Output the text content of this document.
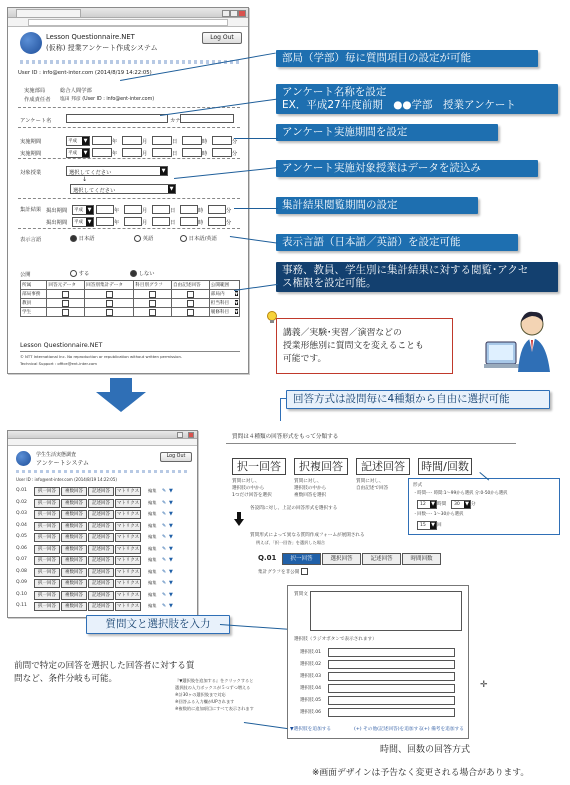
Lesson Questionnaire.NET
(仮称) 授業アンケート作成システム
Log Out
User ID : info@ent-inter.com (2014/8/19 14:22:05)
実施部局	総合人間学部
作成責任者 塩田 邦彦 (User ID : info@ent-inter.com)
アンケート名	カナ
対象授業	選択してください	▼
↓
選択してください	▼
集計結果
表示言語	日本語	英語	日本語/英語
公開	する	しない
所属	回答元データ	回答別集計データ	科目別グラフ	自由記述回答	公開範囲
部局事務					部局内 ▼

教員					担当科目 ▼

学生					履修科目 ▼
Lesson Questionnaire.NET
© NTT International Inc. No reproduction or republication without written permission.
Technical Support : office@ent-inter.com
実施期間	平成	▼	年	月	日	時	分
実施期間	平成	▼	年	月	日	時	分
掲出期間 平成 ▼	年	月	日	時	分
掲出期間 平成 ▼	年	月	日	時	分
部局（学部）毎に質問項目の設定が可能
アンケート名称を設定
EX．平成27年度前期　●●学部　授業アンケート
アンケート実施期間を設定
アンケート実施対象授業はデータを読込み
集計結果閲覧期間の設定
表示言語（日本語／英語）を設定可能
事務、教員、学生別に集計結果に対する閲覧･アクセ
ス権限を設定可能。
講義／実験･実習／演習などの
授業形態別に質問文を変えることも
可能です。
学生生活実態調査
アンケートシステム
Log Out
User ID : info@ent-inter.com (2014/8/19 14:22:05)
Q.01	択一回答	複数回答	記述回答	マトリクス	編集 ✎ ▼
Q.02	択一回答	複数回答	記述回答	マトリクス	編集 ✎ ▼
Q.03	択一回答	複数回答	記述回答	マトリクス	編集 ✎ ▼
Q.04	択一回答	複数回答	記述回答	マトリクス	編集 ✎ ▼
Q.05	択一回答	複数回答	記述回答	マトリクス	編集 ✎ ▼
Q.06	択一回答	複数回答	記述回答	マトリクス	編集 ✎ ▼
Q.07	択一回答	複数回答	記述回答	マトリクス	編集 ✎ ▼
Q.08	択一回答	複数回答	記述回答	マトリクス	編集 ✎ ▼
Q.09	択一回答	複数回答	記述回答	マトリクス	編集 ✎ ▼
Q.10	択一回答	複数回答	記述回答	マトリクス	編集 ✎ ▼
Q.11	択一回答	複数回答	記述回答	マトリクス	編集 ✎ ▼
質問文と選択肢を入力
前問で特定の回答を選択した回答者に対する質
問など、条件分岐も可能。
回答方式は設問毎に4種類から自由に選択可能
質問は４種類の回答形式をもって分類する
質問に対し、
選択肢の中から
1つだけ回答を選択
質問に対し、
選択肢の中から
複数回答を選択
質問に対し、
自由記述で回答
形式
・時間･･･ 時間:1〜99から選択 分:0-50から選択
12 ▼ 時間 30 ▼ 分
・回数･･･ 1〜30から選択
15 ▼ 回
各設問に対し、上記の回答形式を選択する
質問形式によって異なる質問作成フォームが展開される
例えば、「択一回答」を選択した場合
Q.01
集計グラフを非公開
質問文
選択肢（ラジオボタンで表示されます）
選択肢.01
選択肢.02
選択肢.03
選択肢.04
選択肢.05
選択肢.06
✛
▼選択肢を追加する	(+) その他(記述回答)を追加する (+) 備考を追加する
『▼選択肢を追加する』をクリックすると
選択肢の入力ボックスが５つずつ増える
※計30ヶの選択肢まで対応
※回答ふる入力欄がUPされます
※複数的に追加項目にすべて表示されます
時間、回数の回答方式
※画面デザインは予告なく変更される場合があります。
択一回答	択複回答	記述回答	時間/回数
択一回答	選択回答	記述回答	時間回数
